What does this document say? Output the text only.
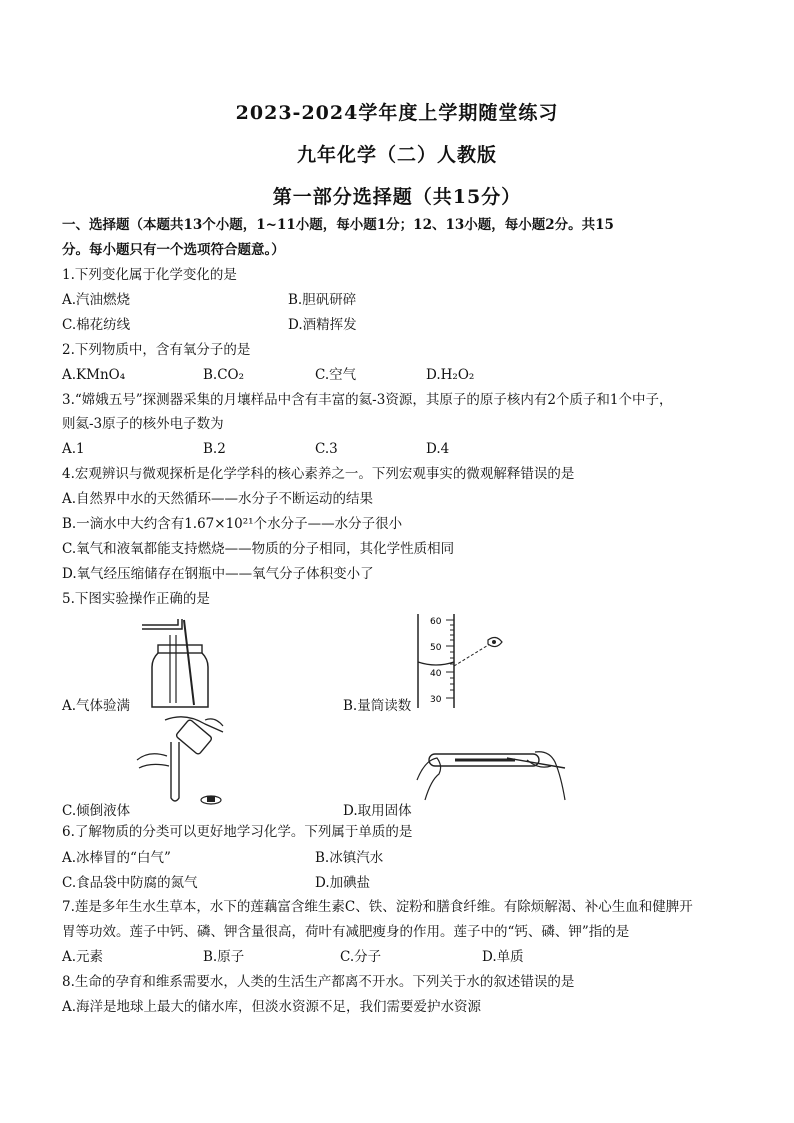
2023-2024学年度上学期随堂练习
九年化学（二）人教版
第一部分选择题（共15分）
一、选择题（本题共13个小题，1~11小题，每小题1分；12、13小题，每小题2分。共15
分。每小题只有一个选项符合题意。）
1.下列变化属于化学变化的是
A.汽油燃烧	B.胆矾研碎
C.棉花纺线	D.酒精挥发
2.下列物质中，含有氧分子的是
A.KMnO₄	B.CO₂	C.空气	D.H₂O₂
3.“嫦娥五号”探测器采集的月壤样品中含有丰富的氦-3资源，其原子的原子核内有2个质子和1个中子，
则氦-3原子的核外电子数为
A.1	B.2	C.3	D.4
4.宏观辨识与微观探析是化学学科的核心素养之一。下列宏观事实的微观解释错误的是
A.自然界中水的天然循环——水分子不断运动的结果
B.一滴水中大约含有1.67×10²¹个水分子——水分子很小
C.氧气和液氧都能支持燃烧——物质的分子相同，其化学性质相同
D.氧气经压缩储存在钢瓶中——氧气分子体积变小了
5.下图实验操作正确的是
A.气体验满
60
50
40
30
B.量筒读数
C.倾倒液体	D.取用固体
6.了解物质的分类可以更好地学习化学。下列属于单质的是
A.冰棒冒的“白气”	B.冰镇汽水
C.食品袋中防腐的氮气	D.加碘盐
7.莲是多年生水生草本，水下的莲藕富含维生素C、铁、淀粉和膳食纤维。有除烦解渴、补心生血和健脾开
胃等功效。莲子中钙、磷、钾含量很高，荷叶有减肥瘦身的作用。莲子中的“钙、磷、钾”指的是
A.元素	B.原子	C.分子	D.单质
8.生命的孕育和维系需要水，人类的生活生产都离不开水。下列关于水的叙述错误的是
A.海洋是地球上最大的储水库，但淡水资源不足，我们需要爱护水资源
